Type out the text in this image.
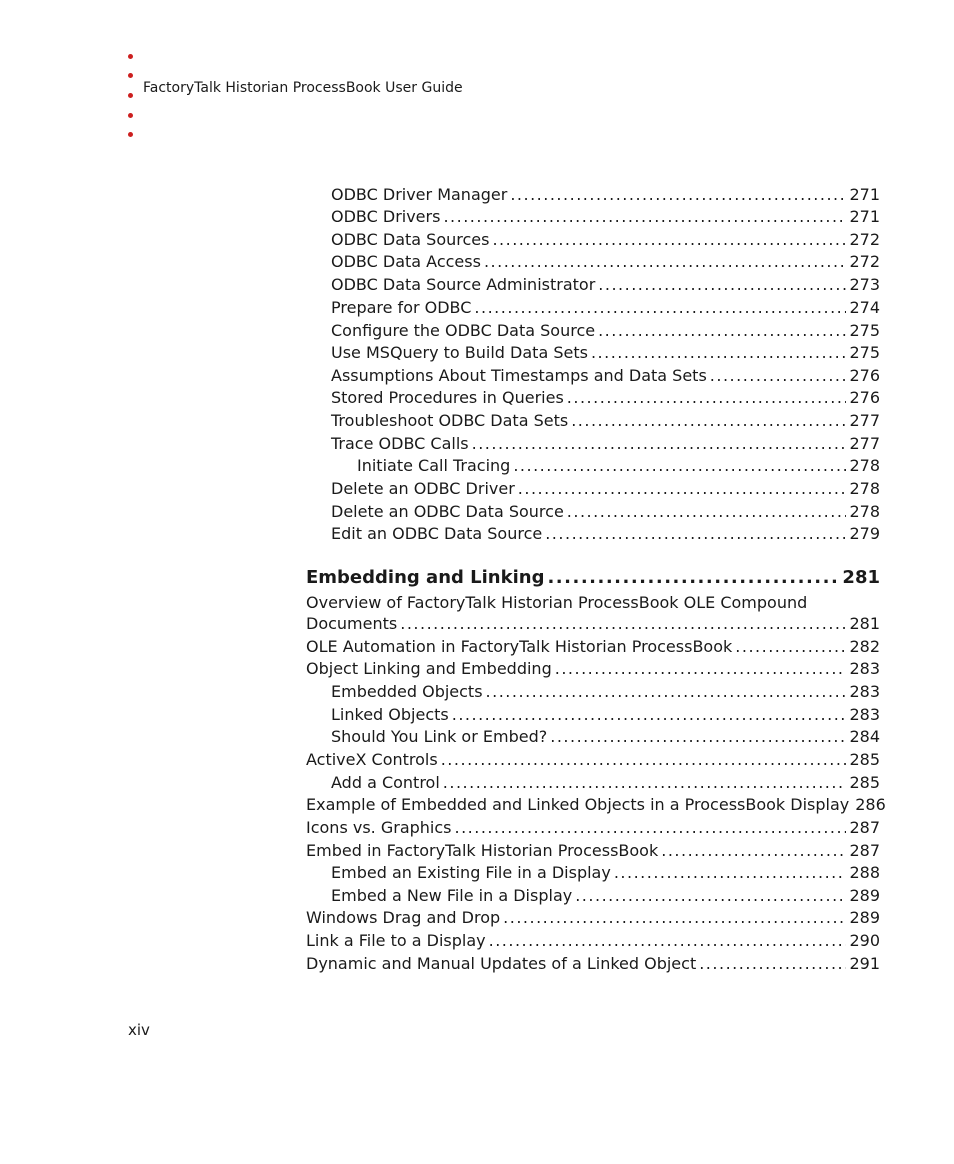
FactoryTalk Historian ProcessBook User Guide
ODBC Driver Manager .....	271
ODBC Drivers .....	271
ODBC Data Sources .....	272
ODBC Data Access .....	272
ODBC Data Source Administrator .....	273
Prepare for ODBC .....	274
Configure the ODBC Data Source .....	275
Use MSQuery to Build Data Sets .....	275
Assumptions About Timestamps and Data Sets .....	276
Stored Procedures in Queries .....	276
Troubleshoot ODBC Data Sets .....	277
Trace ODBC Calls .....	277
Initiate Call Tracing .....	278
Delete an ODBC Driver .....	278
Delete an ODBC Data Source .....	278
Edit an ODBC Data Source .....	279
Embedding and Linking .....	281
Overview of FactoryTalk Historian ProcessBook OLE Compound
Documents .....	281
OLE Automation in FactoryTalk Historian ProcessBook .....	282
Object Linking and Embedding .....	283
Embedded Objects .....	283
Linked Objects .....	283
Should You Link or Embed? .....	284
ActiveX Controls .....	285
Add a Control .....	285
Example of Embedded and Linked Objects in a ProcessBook Display 286
Icons vs. Graphics .....	287
Embed in FactoryTalk Historian ProcessBook .....	287
Embed an Existing File in a Display .....	288
Embed a New File in a Display .....	289
Windows Drag and Drop .....	289
Link a File to a Display .....	290
Dynamic and Manual Updates of a Linked Object .....	291
xiv
